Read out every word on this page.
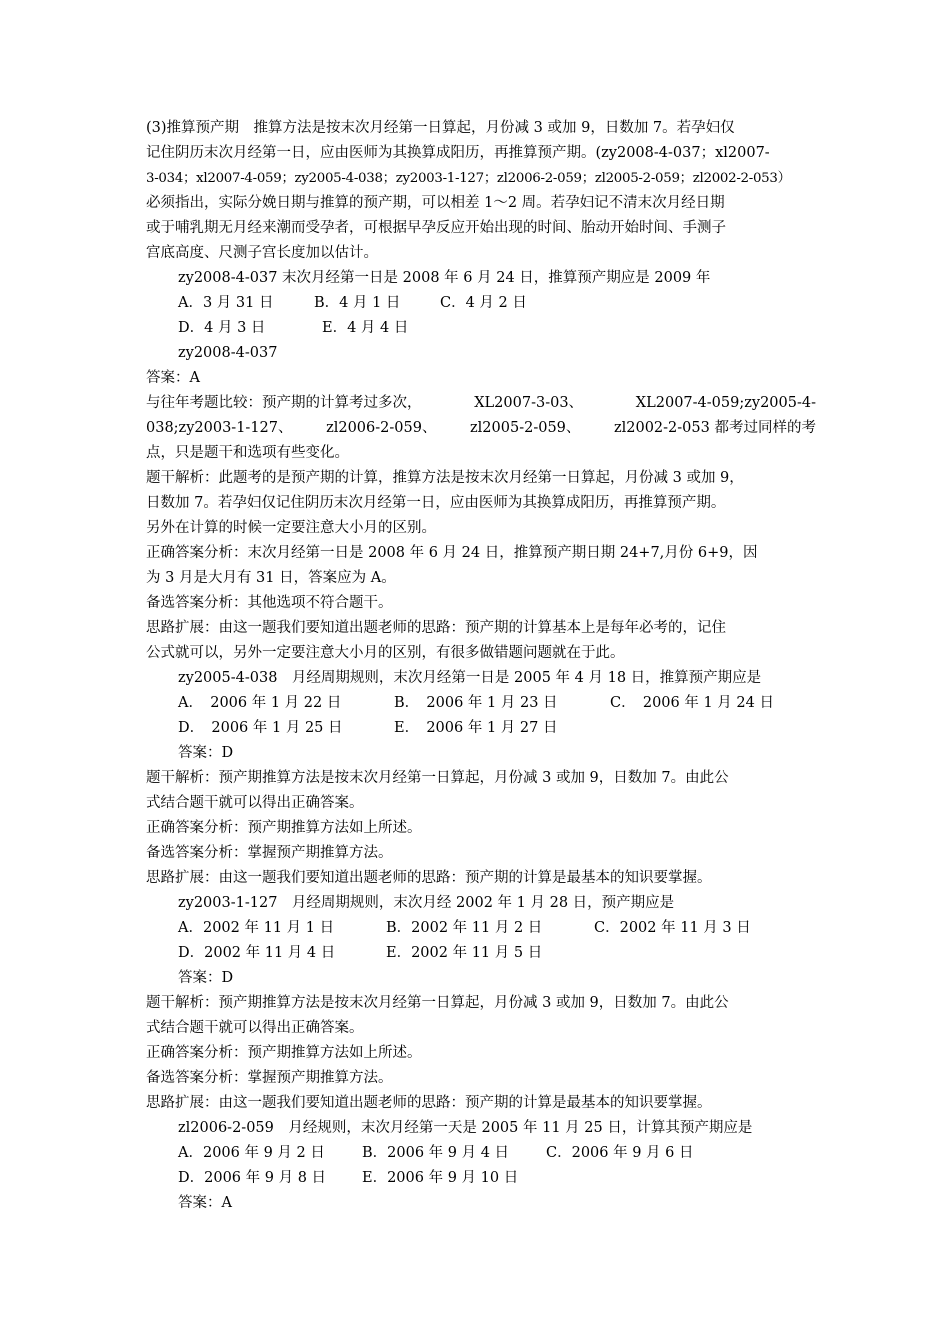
(3)推算预产期　推算方法是按末次月经第一日算起，月份减 3 或加 9，日数加 7。若孕妇仅
记住阴历末次月经第一日，应由医师为其换算成阳历，再推算预产期。(zy2008-4-037；xl2007-
3-034；xl2007-4-059；zy2005-4-038；zy2003-1-127；zl2006-2-059；zl2005-2-059；zl2002-2-053）
必须指出，实际分娩日期与推算的预产期，可以相差 1～2 周。若孕妇记不清末次月经日期
或于哺乳期无月经来潮而受孕者，可根据早孕反应开始出现的时间、胎动开始时间、手测子
宫底高度、尺测子宫长度加以估计。
zy2008-4-037 末次月经第一日是 2008 年 6 月 24 日，推算预产期应是 2009 年
A．3 月 31 日	B．4 月 1 日	C．4 月 2 日
D．4 月 3 日	E．4 月 4 日
zy2008-4-037
答案：A
与往年考题比较：预产期的计算考过多次，	XL2007-3-03、	XL2007-4-059;zy2005-4-
038;zy2003-1-127、 zl2006-2-059、 zl2005-2-059、 zl2002-2-053 都考过同样的考
点，只是题干和选项有些变化。
题干解析：此题考的是预产期的计算，推算方法是按末次月经第一日算起，月份减 3 或加 9，
日数加 7。若孕妇仅记住阴历末次月经第一日，应由医师为其换算成阳历，再推算预产期。
另外在计算的时候一定要注意大小月的区别。
正确答案分析：末次月经第一日是 2008 年 6 月 24 日，推算预产期日期 24+7,月份 6+9，因
为 3 月是大月有 31 日，答案应为 A。
备选答案分析：其他选项不符合题干。
思路扩展：由这一题我们要知道出题老师的思路：预产期的计算基本上是每年必考的，记住
公式就可以，另外一定要注意大小月的区别，有很多做错题问题就在于此。
zy2005-4-038　月经周期规则，末次月经第一日是 2005 年 4 月 18 日，推算预产期应是
A．　2006 年 1 月 22 日	B．　2006 年 1 月 23 日	C．　2006 年 1 月 24 日
D．　2006 年 1 月 25 日	E．　2006 年 1 月 27 日
答案：D
题干解析：预产期推算方法是按末次月经第一日算起，月份减 3 或加 9，日数加 7。由此公
式结合题干就可以得出正确答案。
正确答案分析：预产期推算方法如上所述。
备选答案分析：掌握预产期推算方法。
思路扩展：由这一题我们要知道出题老师的思路：预产期的计算是最基本的知识要掌握。
zy2003-1-127　月经周期规则，末次月经 2002 年 1 月 28 日，预产期应是
A．2002 年 11 月 1 日	B．2002 年 11 月 2 日	C．2002 年 11 月 3 日
D．2002 年 11 月 4 日	E．2002 年 11 月 5 日
答案：D
题干解析：预产期推算方法是按末次月经第一日算起，月份减 3 或加 9，日数加 7。由此公
式结合题干就可以得出正确答案。
正确答案分析：预产期推算方法如上所述。
备选答案分析：掌握预产期推算方法。
思路扩展：由这一题我们要知道出题老师的思路：预产期的计算是最基本的知识要掌握。
zl2006-2-059　月经规则，末次月经第一天是 2005 年 11 月 25 日，计算其预产期应是
A．2006 年 9 月 2 日	B．2006 年 9 月 4 日	C．2006 年 9 月 6 日
D．2006 年 9 月 8 日 E．2006 年 9 月 10 日
答案：A
